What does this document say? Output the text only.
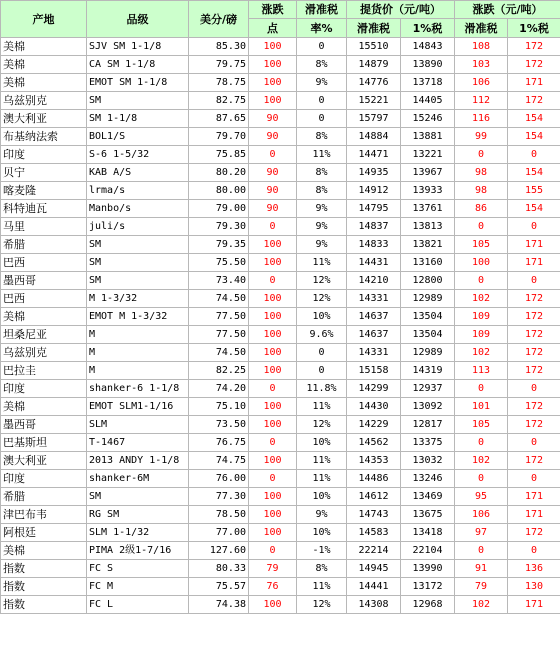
产地	品级	美分/磅	涨跌	滑准税	提货价（元/吨）		涨跌（元/吨）	
			点	率%	滑准税	1%税	滑准税	1%税
美棉	SJV SM 1-1/8	85.30	100	0	15510	14843	108	172
美棉	CA SM 1-1/8	79.75	100	8%	14879	13890	103	172
美棉	EMOT SM 1-1/8	78.75	100	9%	14776	13718	106	171
乌兹别克	SM	82.75	100	0	15221	14405	112	172
澳大利亚	SM 1-1/8	87.65	90	0	15797	15246	116	154
布基纳法索	BOL1/S	79.70	90	8%	14884	13881	99	154
印度	S-6 1-5/32	75.85	0	11%	14471	13221	0	0
贝宁	KAB A/S	80.20	90	8%	14935	13967	98	154
喀麦隆	lrma/s	80.00	90	8%	14912	13933	98	155
科特迪瓦	Manbo/s	79.00	90	9%	14795	13761	86	154
马里	juli/s	79.30	0	9%	14837	13813	0	0
希腊	SM	79.35	100	9%	14833	13821	105	171
巴西	SM	75.50	100	11%	14431	13160	100	171
墨西哥	SM	73.40	0	12%	14210	12800	0	0
巴西	M 1-3/32	74.50	100	12%	14331	12989	102	172
美棉	EMOT M 1-3/32	77.50	100	10%	14637	13504	109	172
坦桑尼亚	M	77.50	100	9.6%	14637	13504	109	172
乌兹别克	M	74.50	100	0	14331	12989	102	172
巴拉圭	M	82.25	100	0	15158	14319	113	172
印度	shanker-6 1-1/8	74.20	0	11.8%	14299	12937	0	0
美棉	EMOT SLM1-1/16	75.10	100	11%	14430	13092	101	172
墨西哥	SLM	73.50	100	12%	14229	12817	105	172
巴基斯坦	T-1467	76.75	0	10%	14562	13375	0	0
澳大利亚	2013 ANDY 1-1/8	74.75	100	11%	14353	13032	102	172
印度	shanker-6M	76.00	0	11%	14486	13246	0	0
希腊	SM	77.30	100	10%	14612	13469	95	171
津巴布韦	RG SM	78.50	100	9%	14743	13675	106	171
阿根廷	SLM 1-1/32	77.00	100	10%	14583	13418	97	172
美棉	PIMA 2级1-7/16	127.60	0	-1%	22214	22104	0	0
指数	FC S	80.33	79	8%	14945	13990	91	136
指数	FC M	75.57	76	11%	14441	13172	79	130
指数	FC L	74.38	100	12%	14308	12968	102	171
